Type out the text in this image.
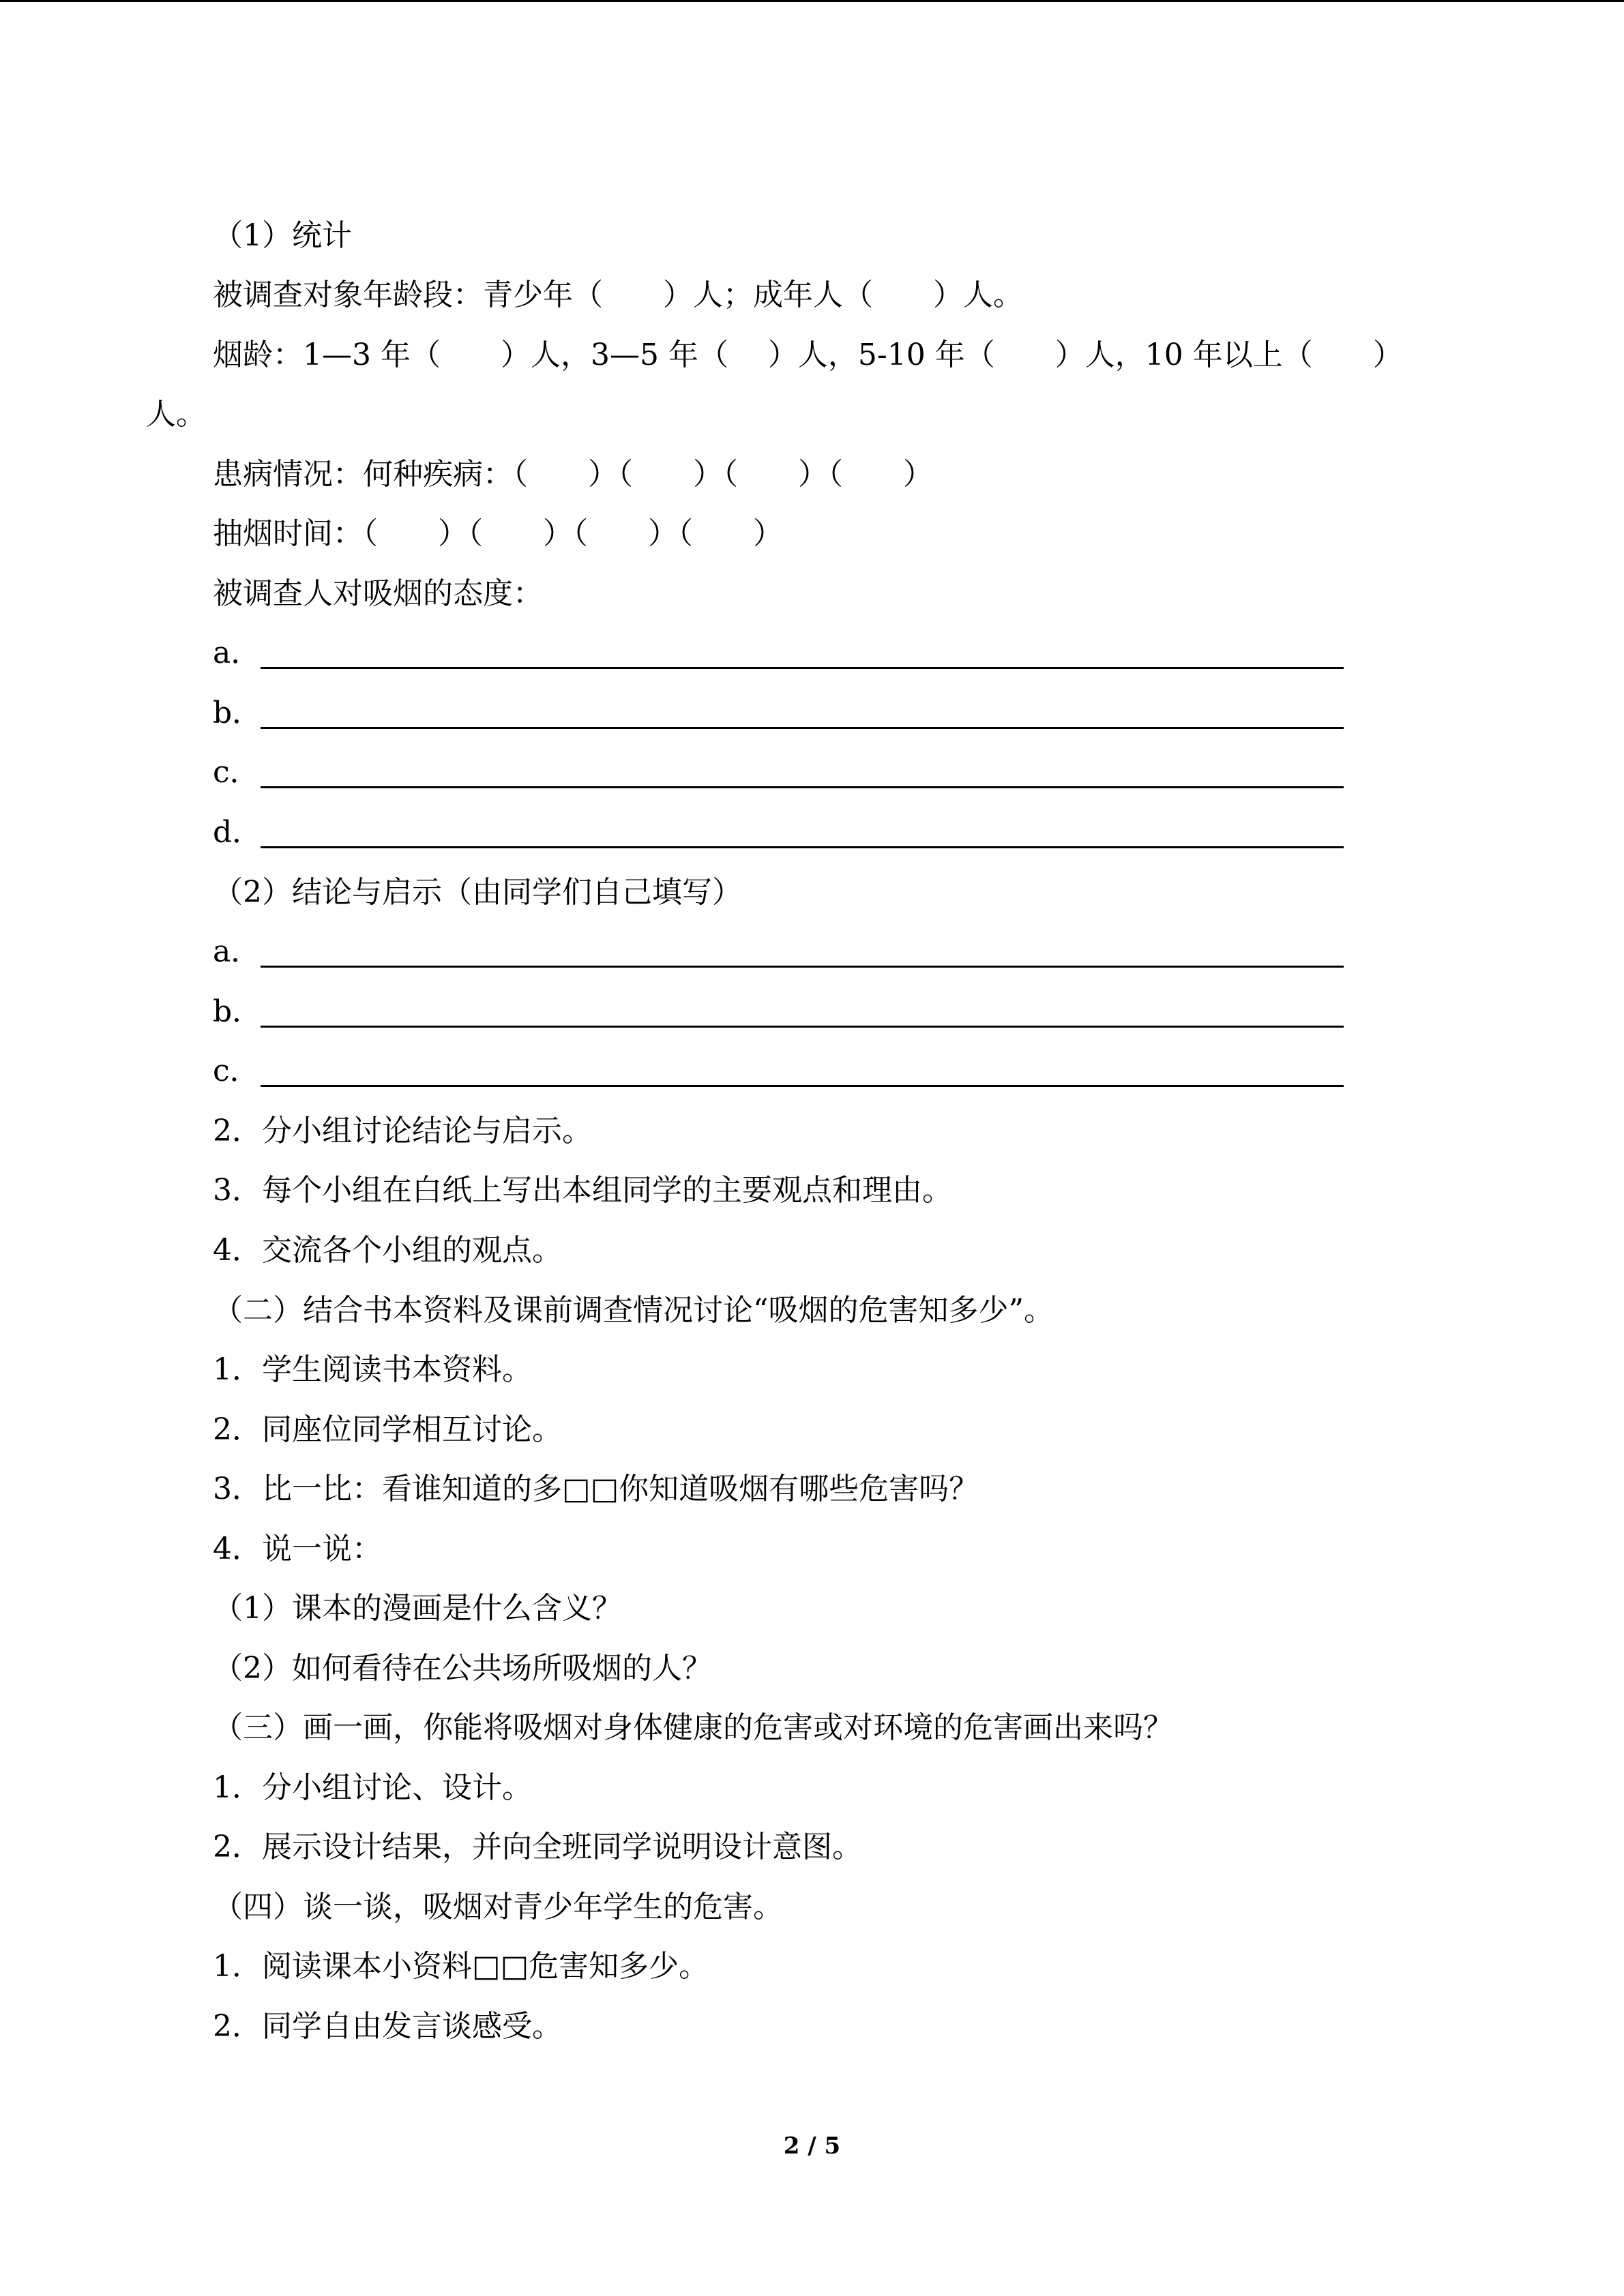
（1）统计
被调查对象年龄段：青少年（　　）人；成年人（　　）人。
烟龄：1—3 年（　　）人，3—5 年（　 ）人，5-10 年（　　）人，10 年以上（　　）
人。
患病情况：何种疾病：（　　）（　　）（　　）（　　）
抽烟时间：（　　）（　　）（　　）（　　）
被调查人对吸烟的态度：
a．
b．
c．
d．
（2）结论与启示（由同学们自己填写）
a．
b．
c．
2．分小组讨论结论与启示。
3．每个小组在白纸上写出本组同学的主要观点和理由。
4．交流各个小组的观点。
（二）结合书本资料及课前调查情况讨论“吸烟的危害知多少”。
1．学生阅读书本资料。
2．同座位同学相互讨论。
3．比一比：看谁知道的多□□你知道吸烟有哪些危害吗？
4．说一说：
（1）课本的漫画是什么含义？
（2）如何看待在公共场所吸烟的人？
（三）画一画，你能将吸烟对身体健康的危害或对环境的危害画出来吗？
1．分小组讨论、设计。
2．展示设计结果，并向全班同学说明设计意图。
（四）谈一谈，吸烟对青少年学生的危害。
1．阅读课本小资料□□危害知多少。
2．同学自由发言谈感受。
2 / 5
